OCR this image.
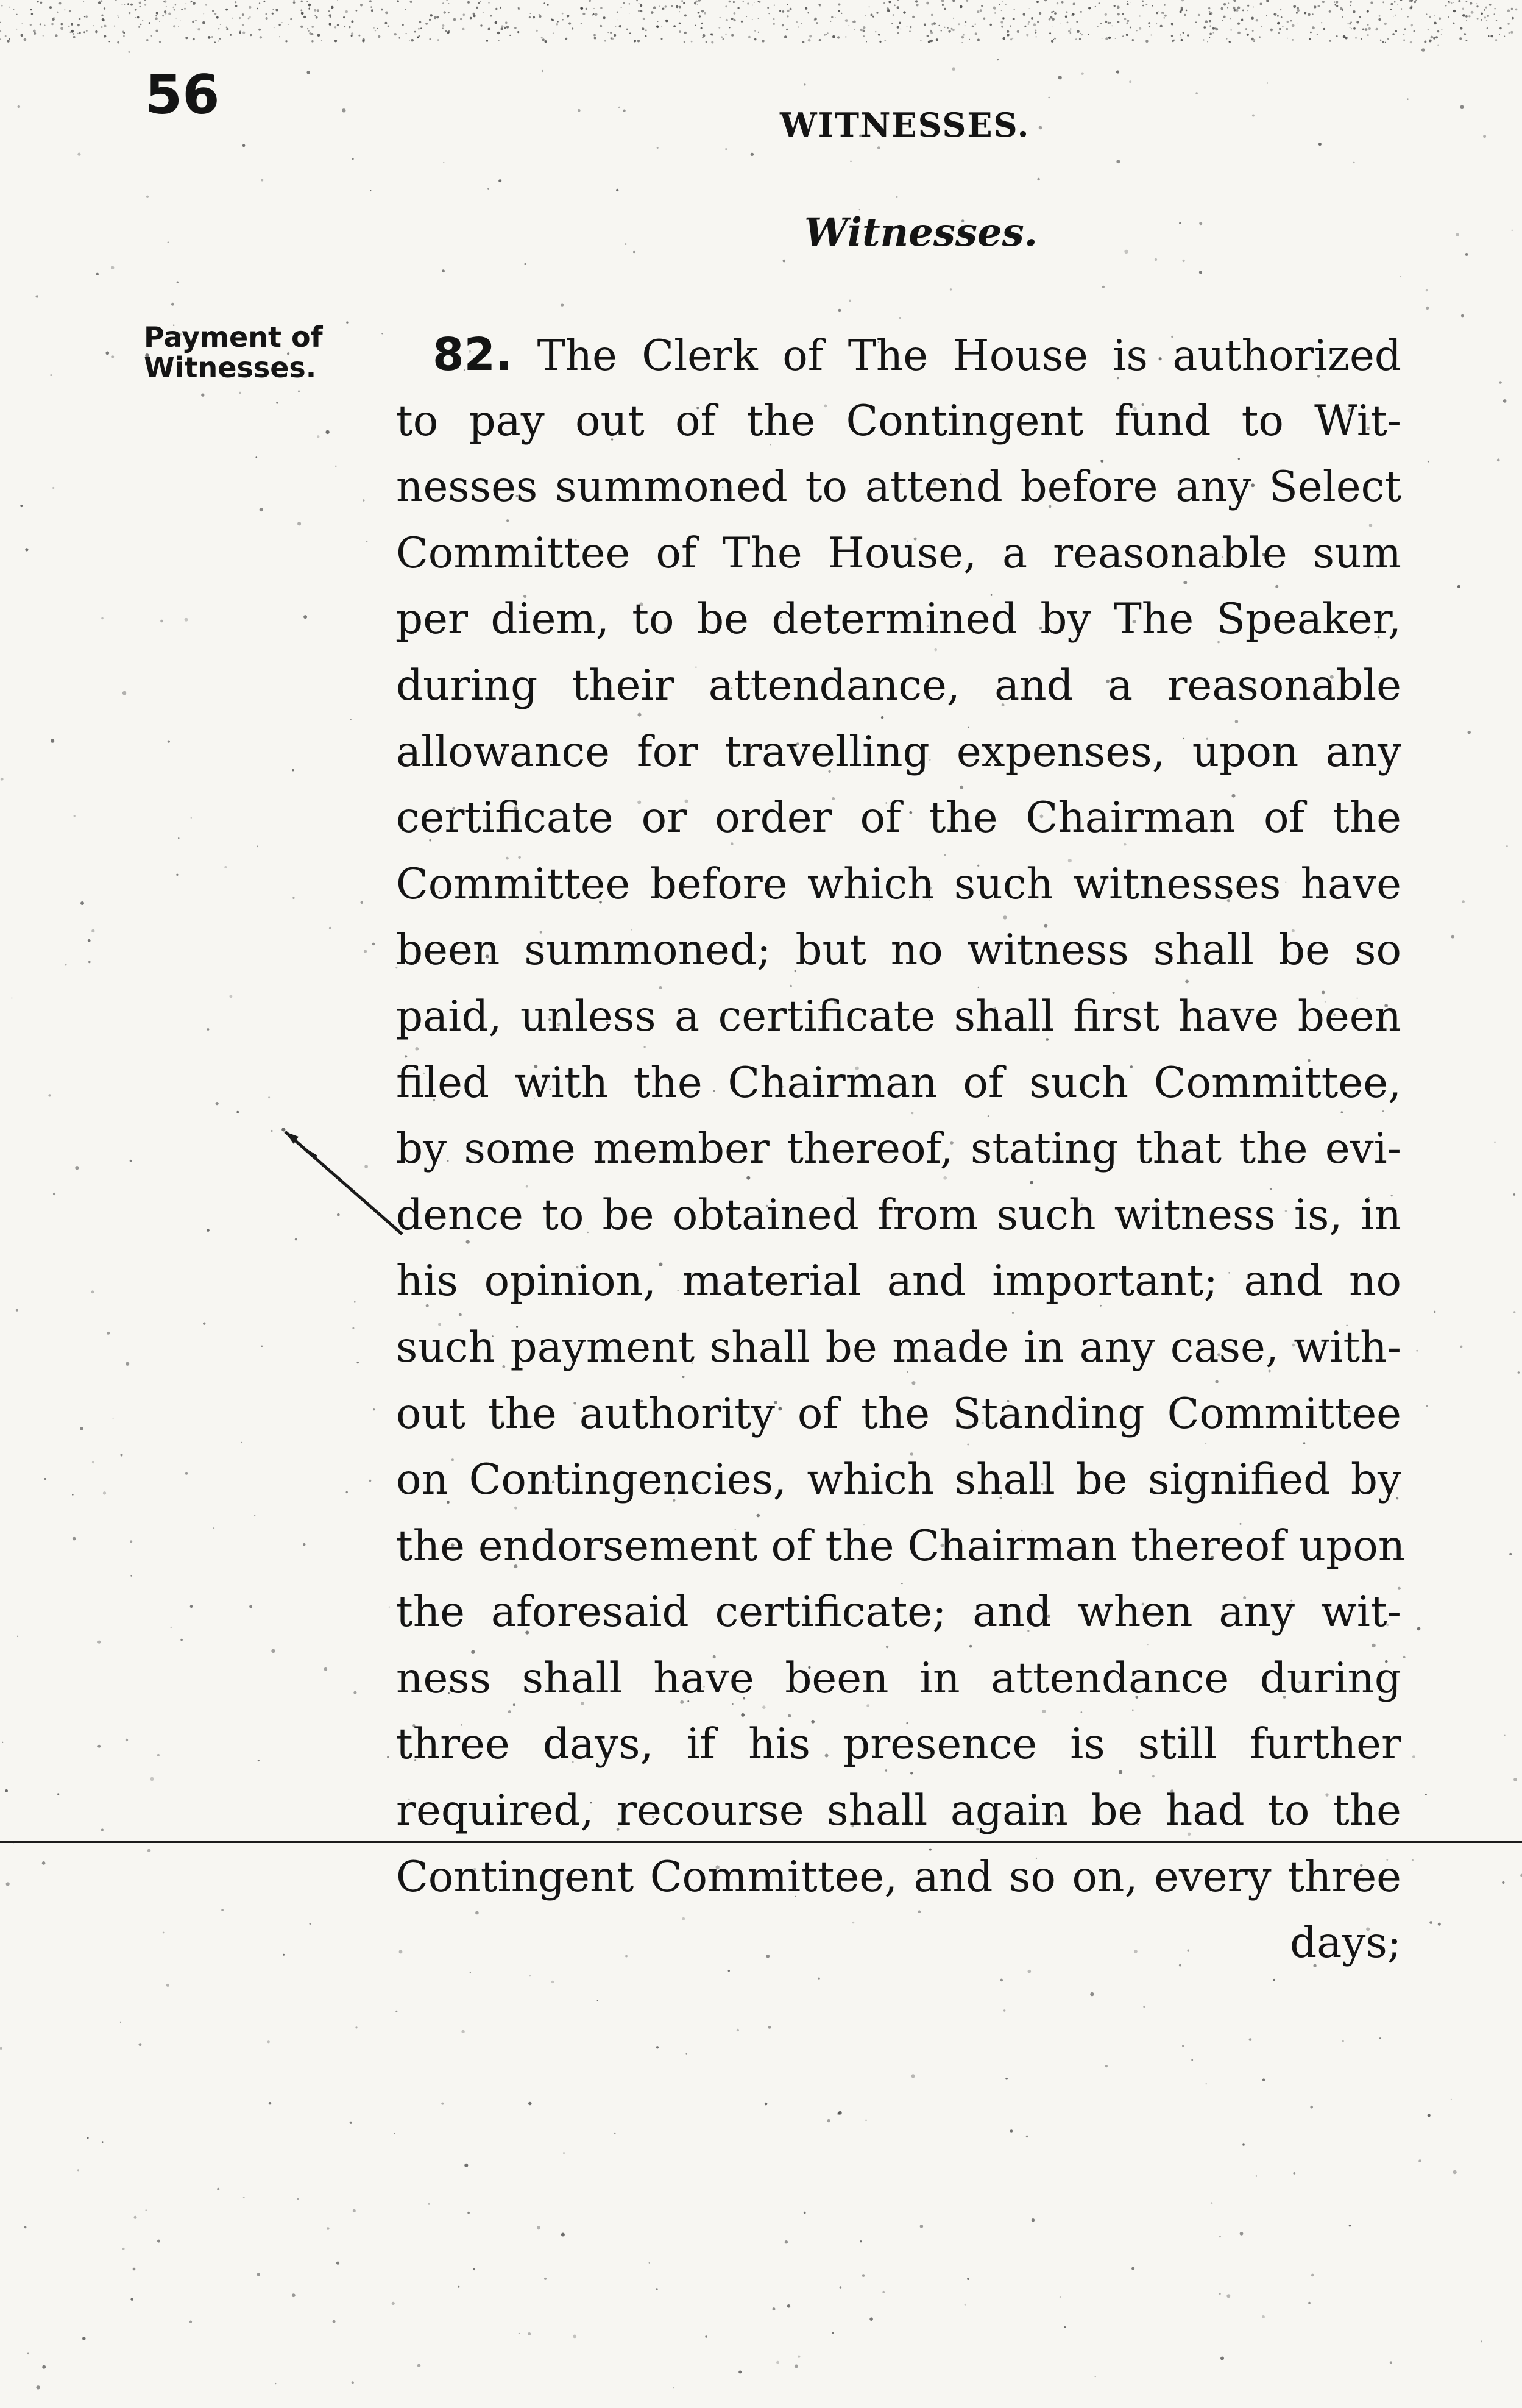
56	WITNESSES.
Witnesses.
Payment of
Witnesses.	82. The Clerk of The House is authorized
to pay out of the Contingent fund to Wit-
nesses summoned to attend before any Select
Committee of The House, a reasonable sum
per diem, to be determined by The Speaker,
during their attendance, and a reasonable
allowance for travelling expenses, upon any
certificate or order of the Chairman of the
Committee before which such witnesses have
been summoned; but no witness shall be so
paid, unless a certificate shall first have been
filed with the Chairman of such Committee,
by some member thereof, stating that the evi-
dence to be obtained from such witness is, in
his opinion, material and important; and no
such payment shall be made in any case, with-
out the authority of the Standing Committee
on Contingencies, which shall be signified by
the endorsement of the Chairman thereof upon
the aforesaid certificate; and when any wit-
ness shall have been in attendance during
three days, if his presence is still further
required, recourse shall again be had to the
Contingent Committee, and so on, every three
days;
